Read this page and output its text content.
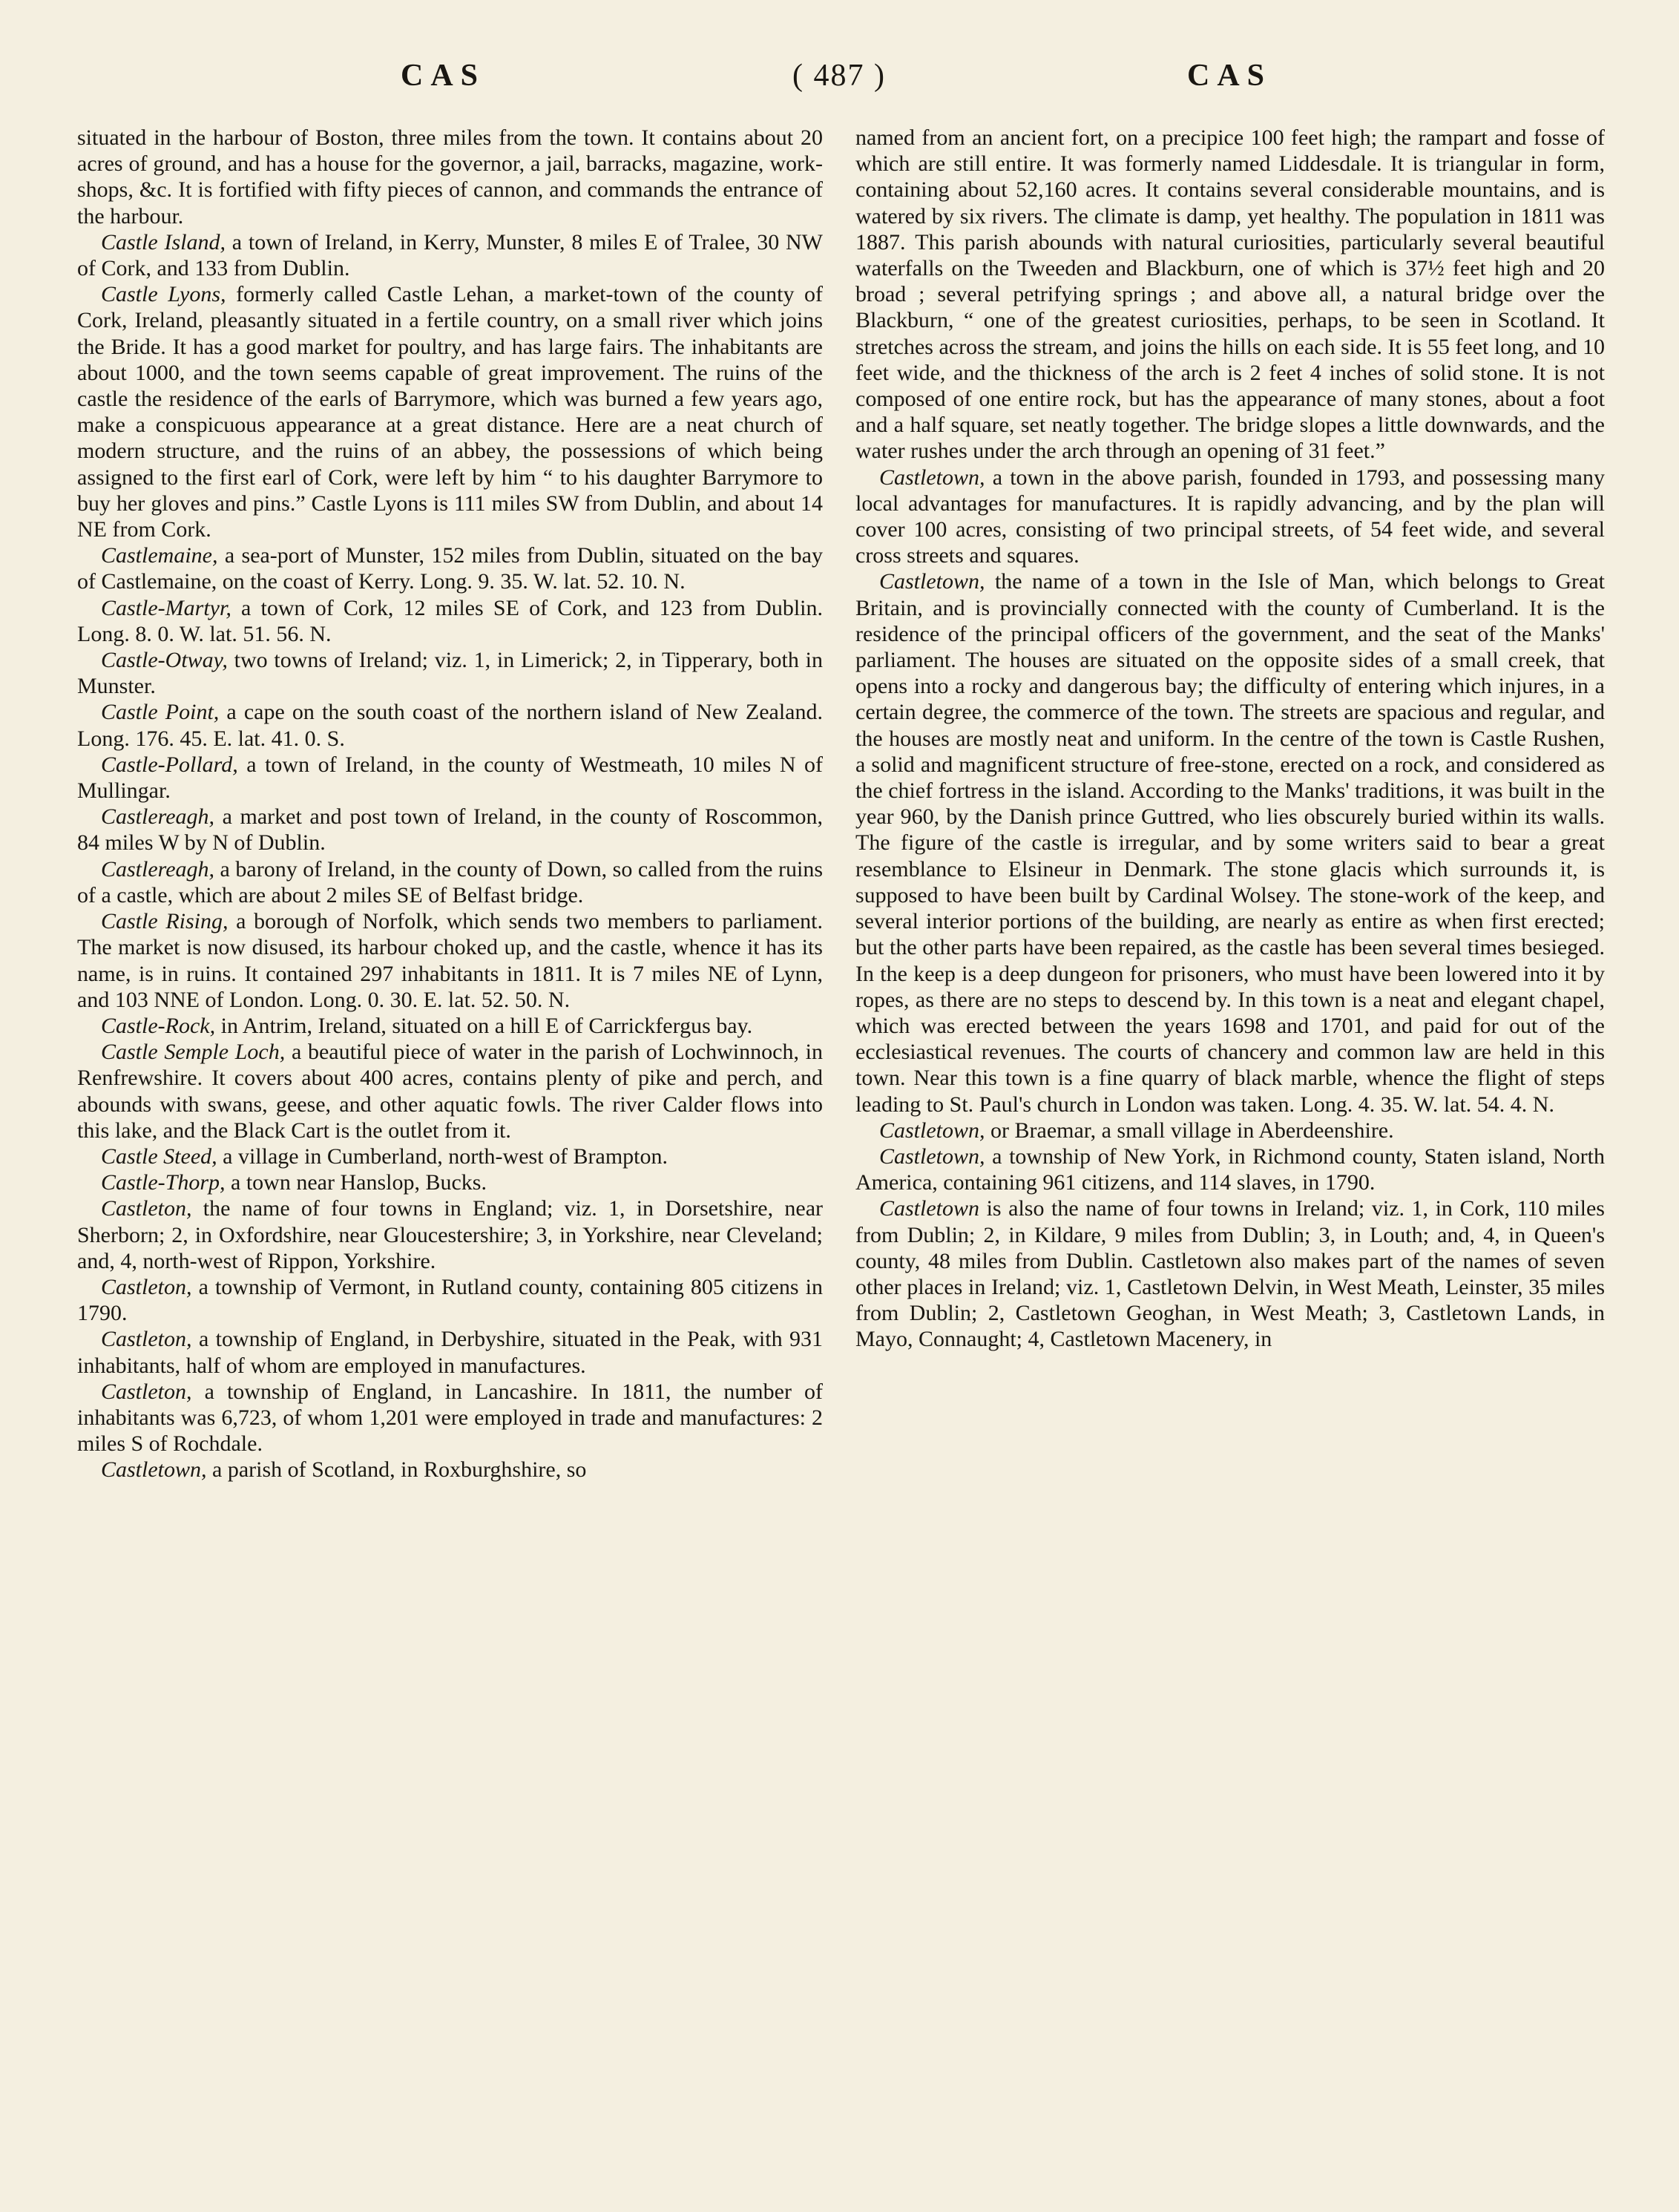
CAS	( 487 )	CAS

situated in the harbour of Boston, three miles from the town. It contains about 20 acres of ground, and has a house for the governor, a jail, barracks, magazine, work-shops, &c. It is fortified with fifty pieces of cannon, and commands the entrance of the harbour.

Castle Island, a town of Ireland, in Kerry, Munster, 8 miles E of Tralee, 30 NW of Cork, and 133 from Dublin.

Castle Lyons, formerly called Castle Lehan, a market-town of the county of Cork, Ireland, pleasantly situated in a fertile country, on a small river which joins the Bride. It has a good market for poultry, and has large fairs. The inhabitants are about 1000, and the town seems capable of great improvement. The ruins of the castle the residence of the earls of Barrymore, which was burned a few years ago, make a conspicuous appearance at a great distance. Here are a neat church of modern structure, and the ruins of an abbey, the possessions of which being assigned to the first earl of Cork, were left by him “ to his daughter Barrymore to buy her gloves and pins.” Castle Lyons is 111 miles SW from Dublin, and about 14 NE from Cork.

Castlemaine, a sea-port of Munster, 152 miles from Dublin, situated on the bay of Castlemaine, on the coast of Kerry. Long. 9. 35. W. lat. 52. 10. N.

Castle-Martyr, a town of Cork, 12 miles SE of Cork, and 123 from Dublin. Long. 8. 0. W. lat. 51. 56. N.

Castle-Otway, two towns of Ireland; viz. 1, in Limerick; 2, in Tipperary, both in Munster.

Castle Point, a cape on the south coast of the northern island of New Zealand. Long. 176. 45. E. lat. 41. 0. S.

Castle-Pollard, a town of Ireland, in the county of Westmeath, 10 miles N of Mullingar.

Castlereagh, a market and post town of Ireland, in the county of Roscommon, 84 miles W by N of Dublin.

Castlereagh, a barony of Ireland, in the county of Down, so called from the ruins of a castle, which are about 2 miles SE of Belfast bridge.

Castle Rising, a borough of Norfolk, which sends two members to parliament. The market is now disused, its harbour choked up, and the castle, whence it has its name, is in ruins. It contained 297 inhabitants in 1811. It is 7 miles NE of Lynn, and 103 NNE of London. Long. 0. 30. E. lat. 52. 50. N.

Castle-Rock, in Antrim, Ireland, situated on a hill E of Carrickfergus bay.

Castle Semple Loch, a beautiful piece of water in the parish of Lochwinnoch, in Renfrewshire. It covers about 400 acres, contains plenty of pike and perch, and abounds with swans, geese, and other aquatic fowls. The river Calder flows into this lake, and the Black Cart is the outlet from it.

Castle Steed, a village in Cumberland, north-west of Brampton.

Castle-Thorp, a town near Hanslop, Bucks.

Castleton, the name of four towns in England; viz. 1, in Dorsetshire, near Sherborn; 2, in Oxfordshire, near Gloucestershire; 3, in Yorkshire, near Cleveland; and, 4, north-west of Rippon, Yorkshire.

Castleton, a township of Vermont, in Rutland county, containing 805 citizens in 1790.

Castleton, a township of England, in Derbyshire, situated in the Peak, with 931 inhabitants, half of whom are employed in manufactures.

Castleton, a township of England, in Lancashire. In 1811, the number of inhabitants was 6,723, of whom 1,201 were employed in trade and manufactures: 2 miles S of Rochdale.

Castletown, a parish of Scotland, in Roxburghshire, so

named from an ancient fort, on a precipice 100 feet high; the rampart and fosse of which are still entire. It was formerly named Liddesdale. It is triangular in form, containing about 52,160 acres. It contains several considerable mountains, and is watered by six rivers. The climate is damp, yet healthy. The population in 1811 was 1887. This parish abounds with natural curiosities, particularly several beautiful waterfalls on the Tweeden and Blackburn, one of which is 37½ feet high and 20 broad ; several petrifying springs ; and above all, a natural bridge over the Blackburn, “ one of the greatest curiosities, perhaps, to be seen in Scotland. It stretches across the stream, and joins the hills on each side. It is 55 feet long, and 10 feet wide, and the thickness of the arch is 2 feet 4 inches of solid stone. It is not composed of one entire rock, but has the appearance of many stones, about a foot and a half square, set neatly together. The bridge slopes a little downwards, and the water rushes under the arch through an opening of 31 feet.”

Castletown, a town in the above parish, founded in 1793, and possessing many local advantages for manufactures. It is rapidly advancing, and by the plan will cover 100 acres, consisting of two principal streets, of 54 feet wide, and several cross streets and squares.

Castletown, the name of a town in the Isle of Man, which belongs to Great Britain, and is provincially connected with the county of Cumberland. It is the residence of the principal officers of the government, and the seat of the Manks' parliament. The houses are situated on the opposite sides of a small creek, that opens into a rocky and dangerous bay; the difficulty of entering which injures, in a certain degree, the commerce of the town. The streets are spacious and regular, and the houses are mostly neat and uniform. In the centre of the town is Castle Rushen, a solid and magnificent structure of free-stone, erected on a rock, and considered as the chief fortress in the island. According to the Manks' traditions, it was built in the year 960, by the Danish prince Guttred, who lies obscurely buried within its walls. The figure of the castle is irregular, and by some writers said to bear a great resemblance to Elsineur in Denmark. The stone glacis which surrounds it, is supposed to have been built by Cardinal Wolsey. The stone-work of the keep, and several interior portions of the building, are nearly as entire as when first erected; but the other parts have been repaired, as the castle has been several times besieged. In the keep is a deep dungeon for prisoners, who must have been lowered into it by ropes, as there are no steps to descend by. In this town is a neat and elegant chapel, which was erected between the years 1698 and 1701, and paid for out of the ecclesiastical revenues. The courts of chancery and common law are held in this town. Near this town is a fine quarry of black marble, whence the flight of steps leading to St. Paul's church in London was taken. Long. 4. 35. W. lat. 54. 4. N.

Castletown, or Braemar, a small village in Aberdeenshire.

Castletown, a township of New York, in Richmond county, Staten island, North America, containing 961 citizens, and 114 slaves, in 1790.

Castletown is also the name of four towns in Ireland; viz. 1, in Cork, 110 miles from Dublin; 2, in Kildare, 9 miles from Dublin; 3, in Louth; and, 4, in Queen's county, 48 miles from Dublin. Castletown also makes part of the names of seven other places in Ireland; viz. 1, Castletown Delvin, in West Meath, Leinster, 35 miles from Dublin; 2, Castletown Geoghan, in West Meath; 3, Castletown Lands, in Mayo, Connaught; 4, Castletown Macenery, in
